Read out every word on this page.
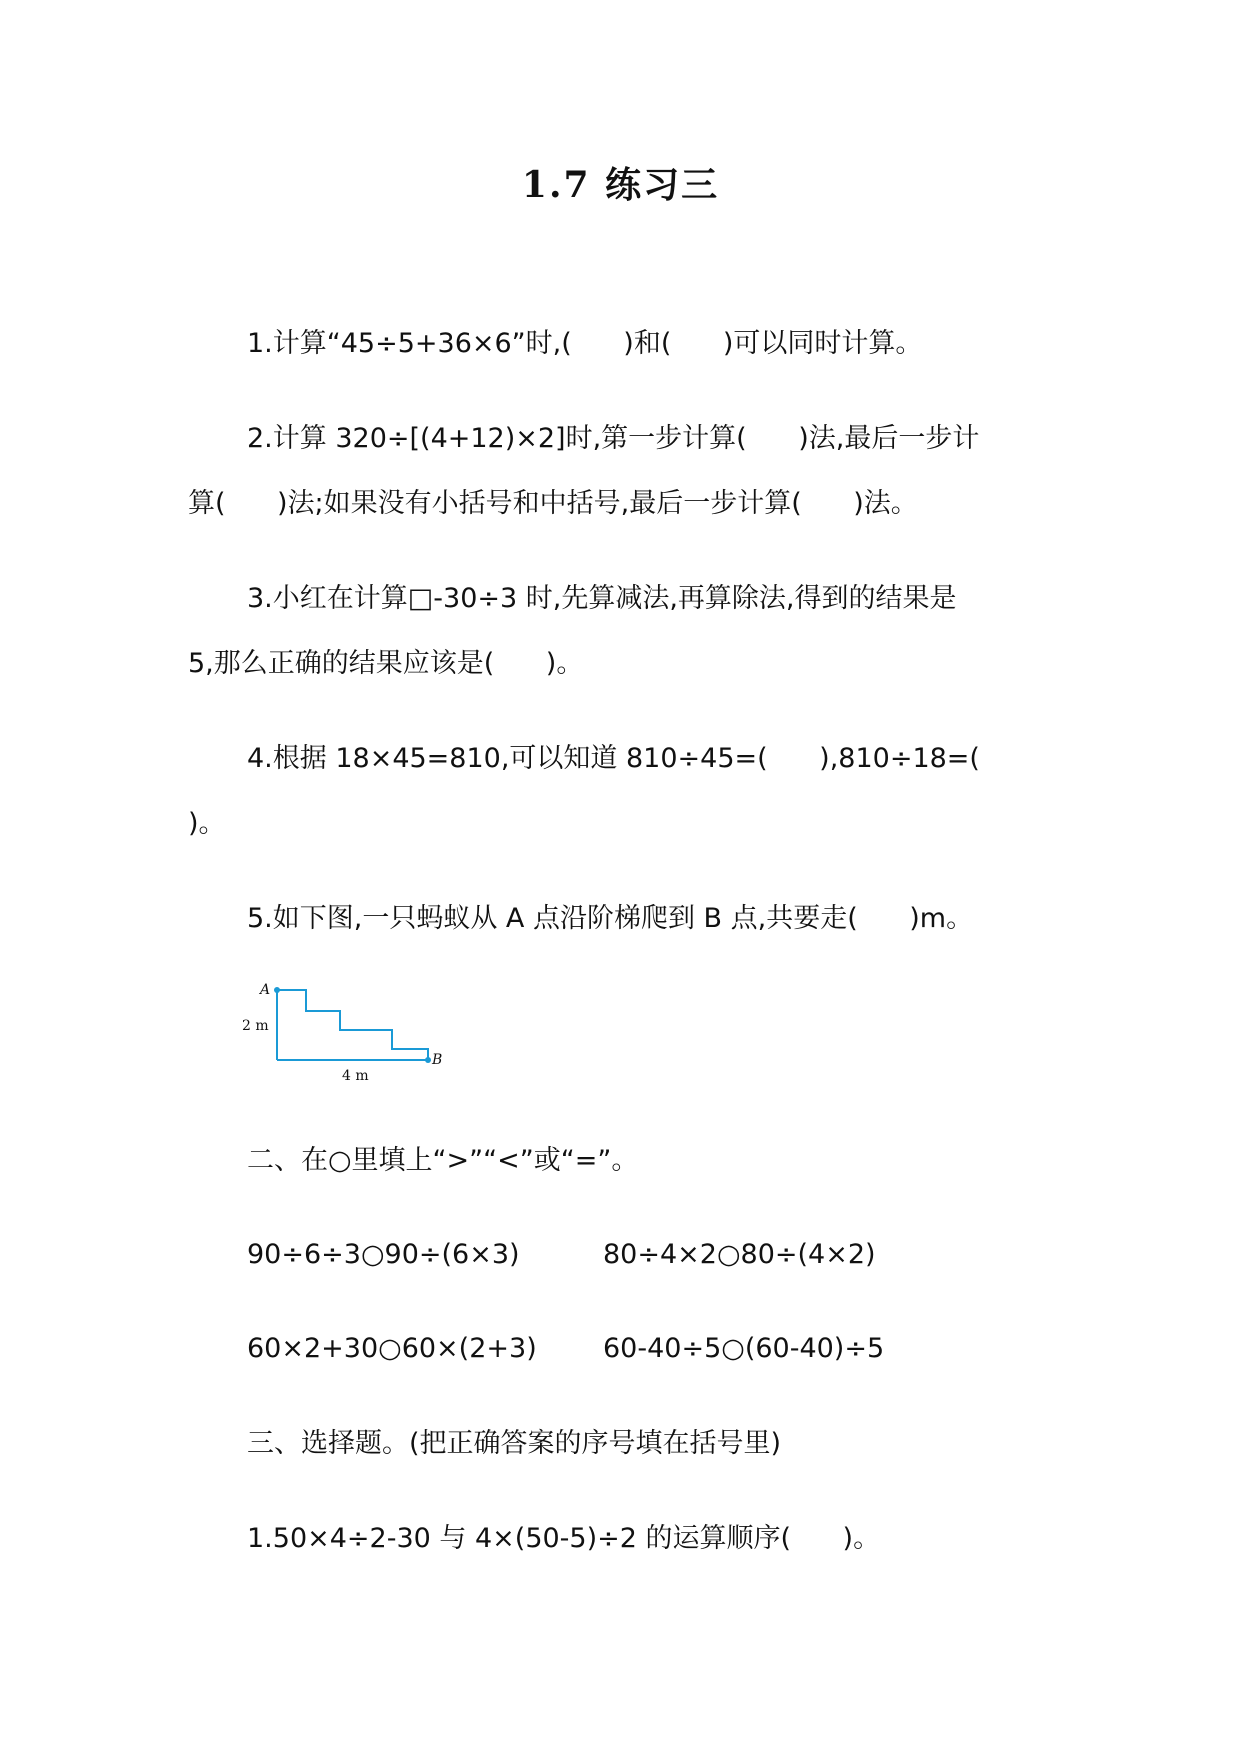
1.7 练习三
1.计算“45÷5+36×6”时,(      )和(      )可以同时计算。
2.计算 320÷[(4+12)×2]时,第一步计算(      )法,最后一步计
算(      )法;如果没有小括号和中括号,最后一步计算(      )法。
3.小红在计算□-30÷3 时,先算减法,再算除法,得到的结果是
5,那么正确的结果应该是(      )。
4.根据 18×45=810,可以知道 810÷45=(      ),810÷18=(
)。
5.如下图,一只蚂蚁从 A 点沿阶梯爬到 B 点,共要走(      )m。
A
B
2 m
4 m
二、在○里填上“>”“<”或“=”。
90÷6÷3○90÷(6×3)	80÷4×2○80÷(4×2)
60×2+30○60×(2+3) 60-40÷5○(60-40)÷5
三、选择题。(把正确答案的序号填在括号里)
1.50×4÷2-30 与 4×(50-5)÷2 的运算顺序(      )。
